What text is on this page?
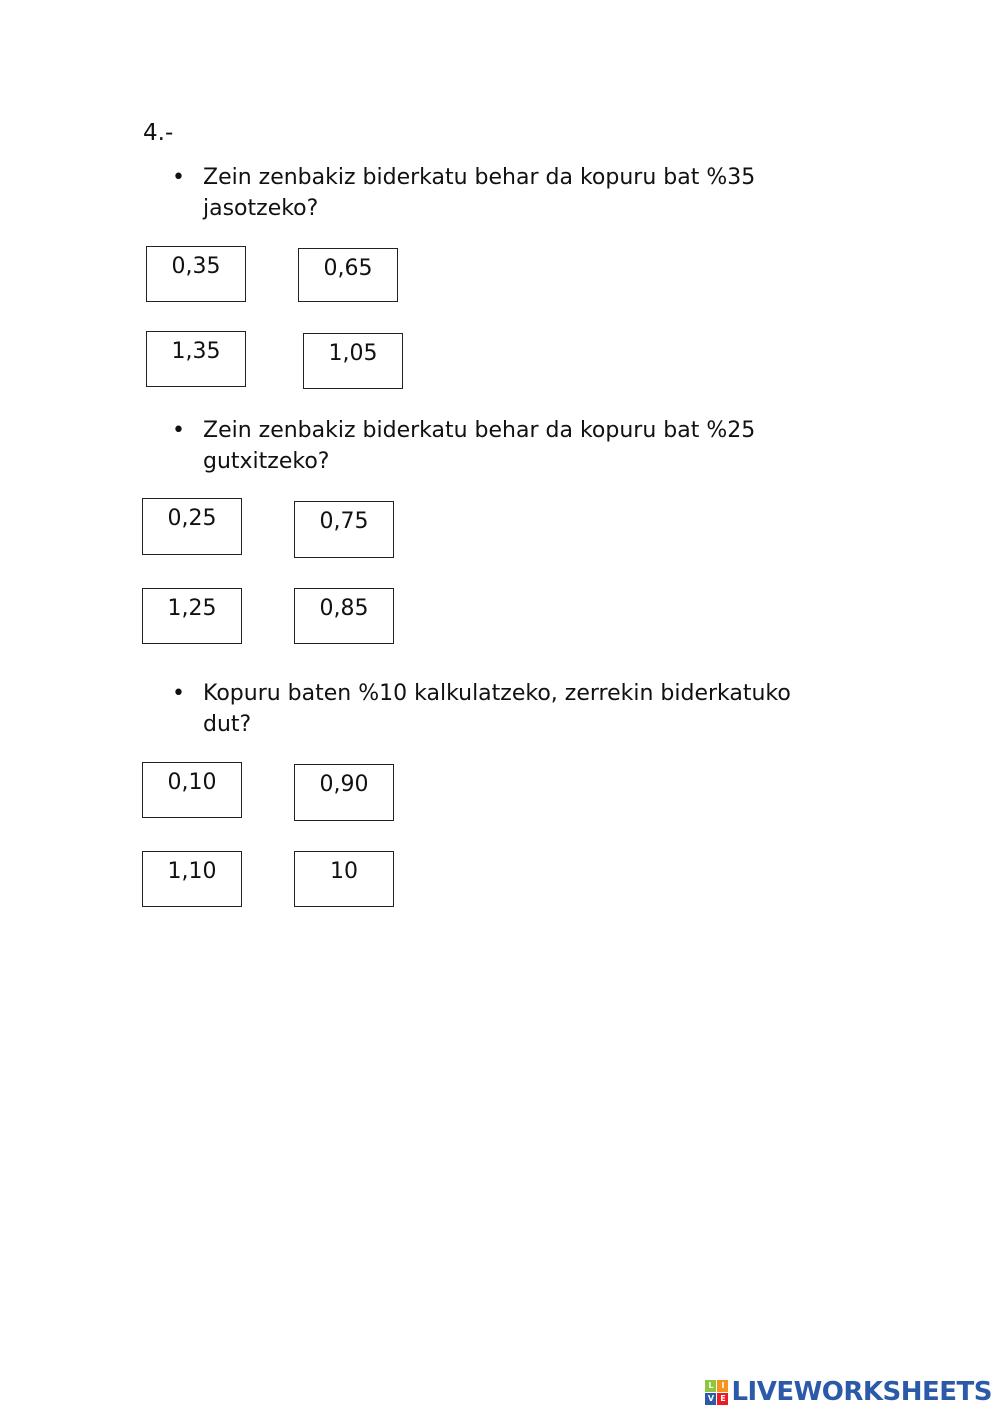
4.-
• Zein zenbakiz biderkatu behar da kopuru bat %35
jasotzeko?
0,35	0,65
1,35	1,05
• Zein zenbakiz biderkatu behar da kopuru bat %25
gutxitzeko?
0,25	0,75
1,25	0,85
• Kopuru baten %10 kalkulatzeko, zerrekin biderkatuko
dut?
0,10	0,90
1,10	10
L I
V E LIVEWORKSHEETS
